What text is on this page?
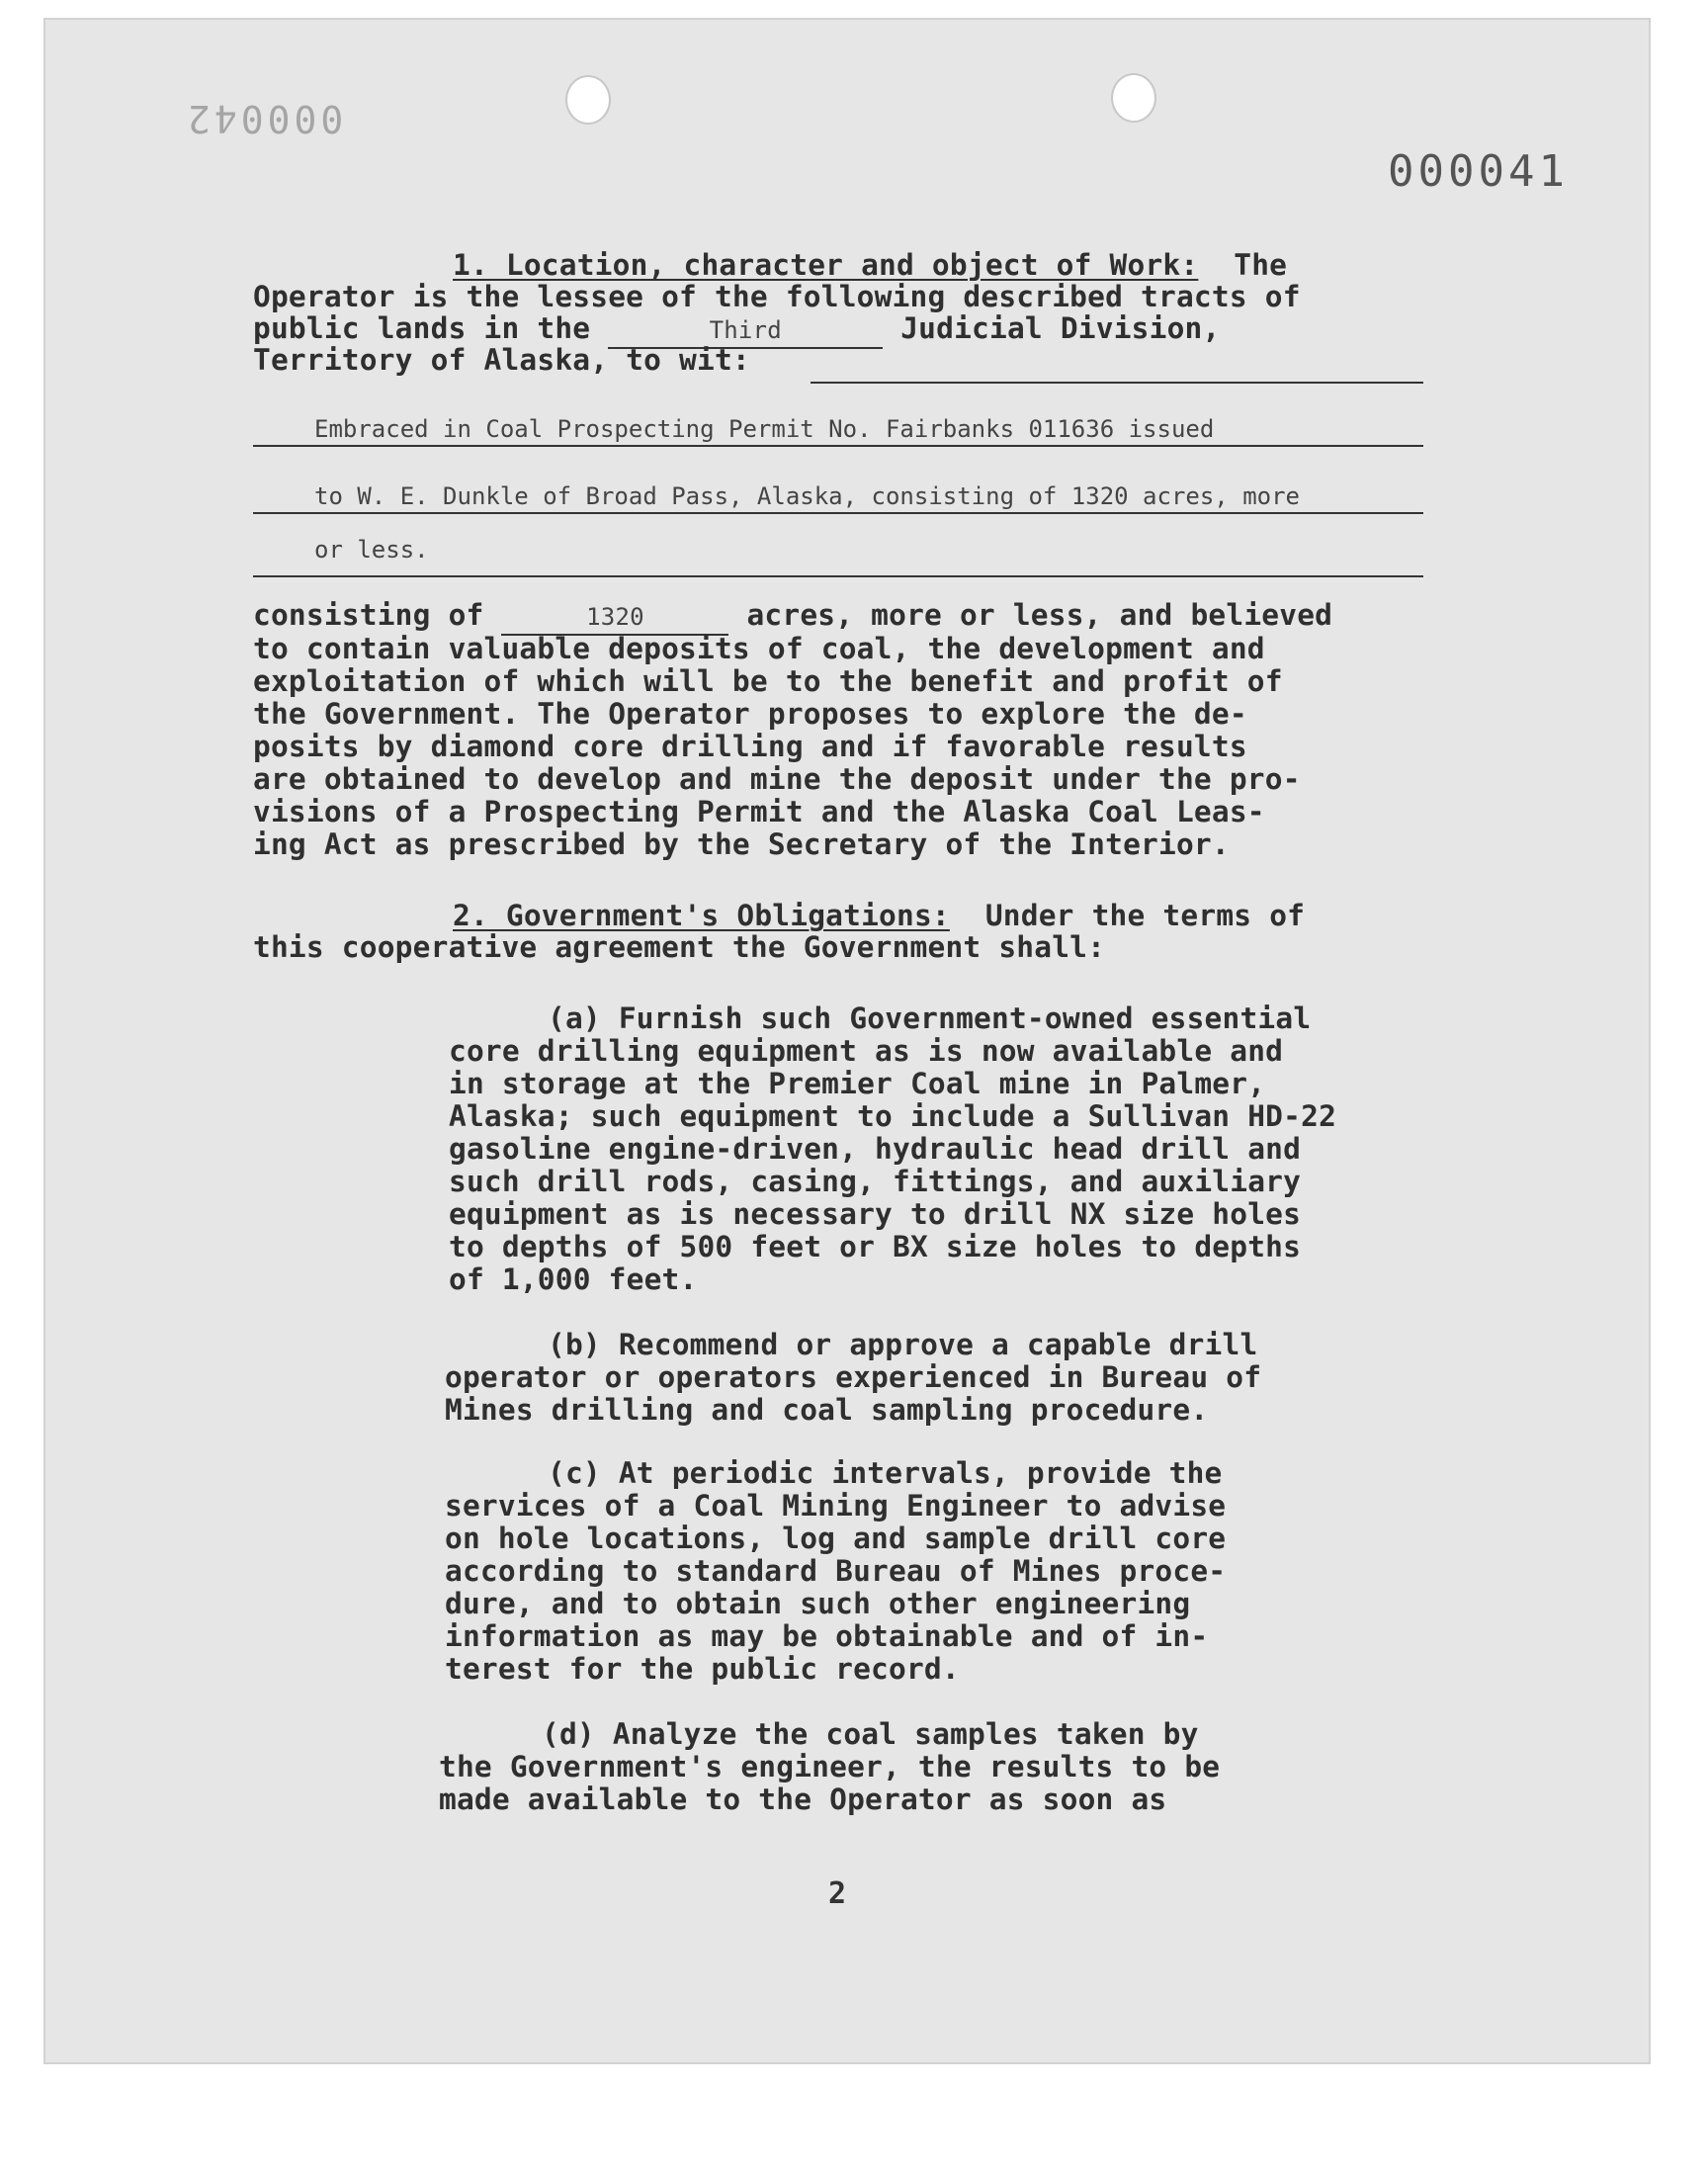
000042
000041
1. Location, character and object of Work: The
Operator is the lessee of the following described tracts of
public lands in the	Third	Judicial Division,
Territory of Alaska, to wit:
Embraced in Coal Prospecting Permit No. Fairbanks 011636 issued
to W. E. Dunkle of Broad Pass, Alaska, consisting of 1320 acres, more
or less.
consisting of	1320	acres, more or less, and believed
to contain valuable deposits of coal, the development and
exploitation of which will be to the benefit and profit of
the Government. The Operator proposes to explore the de-
posits by diamond core drilling and if favorable results
are obtained to develop and mine the deposit under the pro-
visions of a Prospecting Permit and the Alaska Coal Leas-
ing Act as prescribed by the Secretary of the Interior.
2. Government's Obligations: Under the terms of
this cooperative agreement the Government shall:
(a) Furnish such Government-owned essential
core drilling equipment as is now available and
in storage at the Premier Coal mine in Palmer,
Alaska; such equipment to include a Sullivan HD-22
gasoline engine-driven, hydraulic head drill and
such drill rods, casing, fittings, and auxiliary
equipment as is necessary to drill NX size holes
to depths of 500 feet or BX size holes to depths
of 1,000 feet.
(b) Recommend or approve a capable drill
operator or operators experienced in Bureau of
Mines drilling and coal sampling procedure.
(c) At periodic intervals, provide the
services of a Coal Mining Engineer to advise
on hole locations, log and sample drill core
according to standard Bureau of Mines proce-
dure, and to obtain such other engineering
information as may be obtainable and of in-
terest for the public record.
(d) Analyze the coal samples taken by
the Government's engineer, the results to be
made available to the Operator as soon as
2
